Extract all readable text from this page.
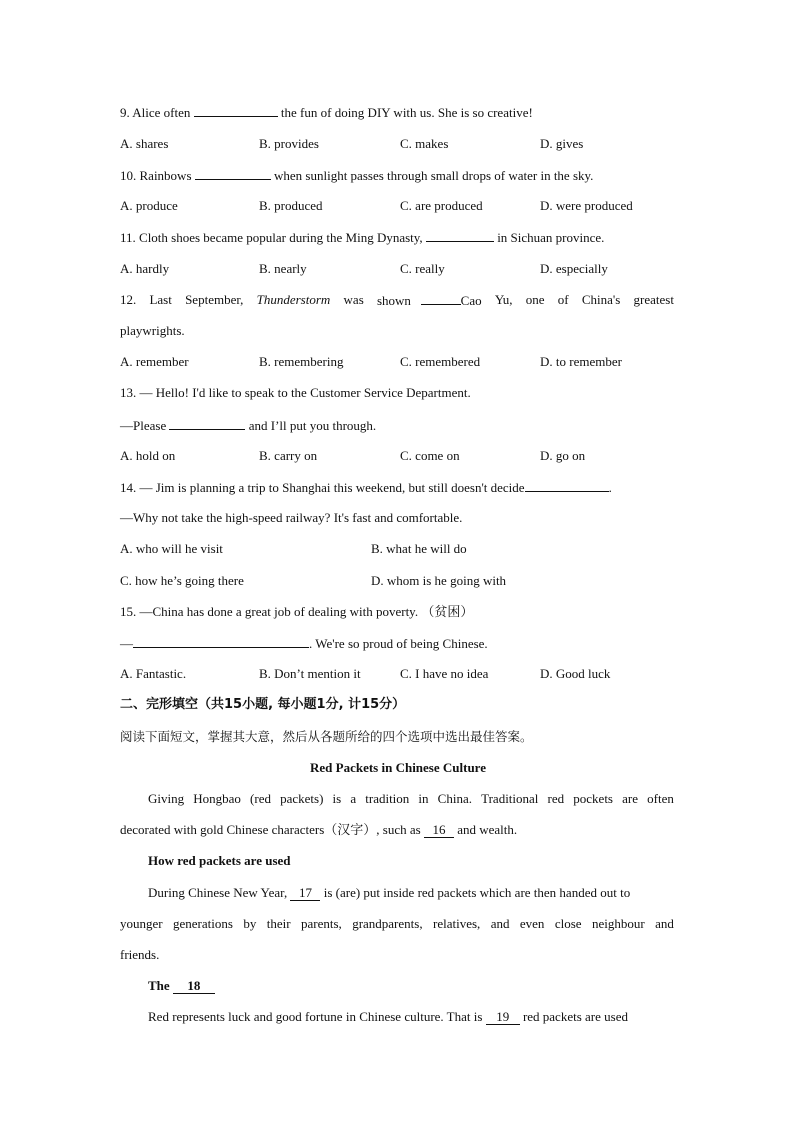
9. Alice often	the fun of doing DIY with us. She is so creative!
A. shares	B. provides	C. makes	D. gives
10. Rainbows	when sunlight passes through small drops of water in the sky.
A. produce	B. produced	C. are produced	D. were produced
11. Cloth shoes became popular during the Ming Dynasty,	in Sichuan province.
A. hardly	B. nearly	C. really	D. especially
12. Last September, Thunderstorm was shown	Cao Yu, one of China's greatest
playwrights.
A. remember	B. remembering	C. remembered	D. to remember
13. — Hello! I'd like to speak to the Customer Service Department.
—Please	and I’ll put you through.
A. hold on	B. carry on	C. come on	D. go on
14. — Jim is planning a trip to Shanghai this weekend, but still doesn't decide	.
—Why not take the high-speed railway? It's fast and comfortable.
A. who will he visit	B. what he will do
C. how he’s going there	D. whom is he going with
15. —China has done a great job of dealing with poverty. （贫困）
—	. We're so proud of being Chinese.
A. Fantastic.	B. Don’t mention it	C. I have no idea	D. Good luck
二、完形填空（共15小题, 每小题1分, 计15分）
阅读下面短文，掌握其大意，然后从各题所给的四个选项中选出最佳答案。
Red Packets in Chinese Culture
Giving Hongbao (red packets) is a tradition in China. Traditional red pockets are often
decorated with gold Chinese characters（汉字）, such as 16 and wealth.
How red packets are used
During Chinese New Year, 17 is (are) put inside red packets which are then handed out to
younger generations by their parents, grandparents, relatives, and even close neighbour and
friends.
The 18
Red represents luck and good fortune in Chinese culture. That is 19 red packets are used
